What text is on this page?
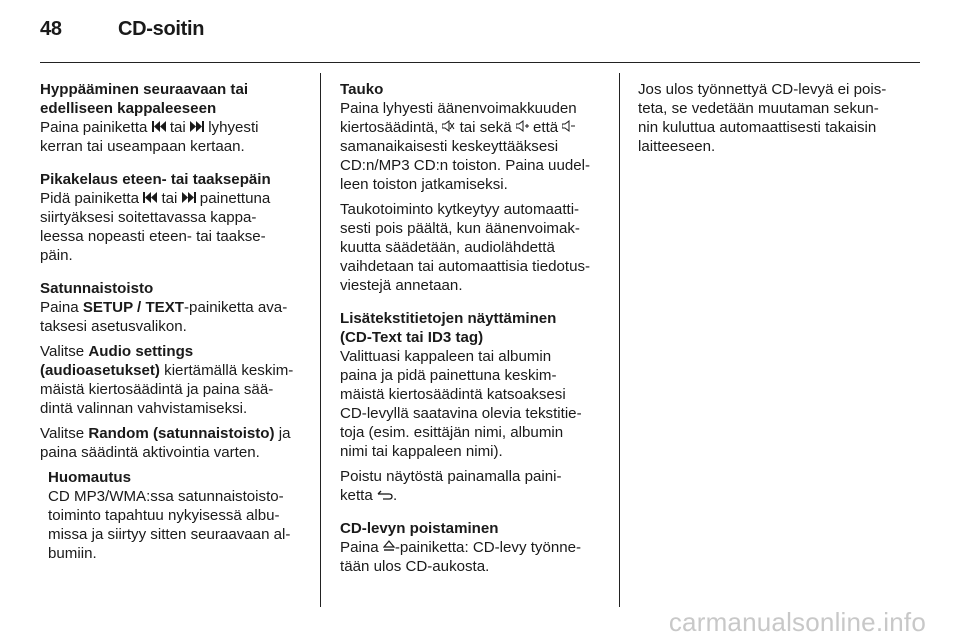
48	CD-soitin
Hyppääminen seuraavaan tai
edelliseen kappaleeseen
Paina painiketta tai lyhyesti
kerran tai useampaan kertaan.
Pikakelaus eteen- tai taaksepäin
Pidä painiketta tai painettuna
siirtyäksesi soitettavassa kappa-
leessa nopeasti eteen- tai taakse-
päin.
Satunnaistoisto

Paina SETUP / TEXT-painiketta ava-
taksesi asetusvalikon.

Valitse Audio settings
(audioasetukset) kiertämällä keskim-
mäistä kiertosäädintä ja paina sää-
dintä valinnan vahvistamiseksi.

Valitse Random (satunnaistoisto) ja
paina säädintä aktivointia varten.

Huomautus
CD MP3/WMA:ssa satunnaistoisto-
toiminto tapahtuu nykyisessä albu-
missa ja siirtyy sitten seuraavaan al-
bumiin.
Tauko

Paina lyhyesti äänenvoimakkuuden
kiertosäädintä, tai sekä että
samanaikaisesti keskeyttääksesi
CD:n/MP3 CD:n toiston. Paina uudel-
leen toiston jatkamiseksi.

Taukotoiminto kytkeytyy automaatti-
sesti pois päältä, kun äänenvoimak-
kuutta säädetään, audiolähdettä
vaihdetaan tai automaattisia tiedotus-
viestejä annetaan.
Lisätekstitietojen näyttäminen
(CD-Text tai ID3 tag)

Valittuasi kappaleen tai albumin
paina ja pidä painettuna keskim-
mäistä kiertosäädintä katsoaksesi
CD-levyllä saatavina olevia tekstitie-
toja (esim. esittäjän nimi, albumin
nimi tai kappaleen nimi).

Poistu näytöstä painamalla paini-
ketta .
CD-levyn poistaminen
Paina -painiketta: CD-levy työnne-
tään ulos CD-aukosta.
Jos ulos työnnettyä CD-levyä ei pois-
teta, se vedetään muutaman sekun-
nin kuluttua automaattisesti takaisin
laitteeseen.
carmanualsonline.info
